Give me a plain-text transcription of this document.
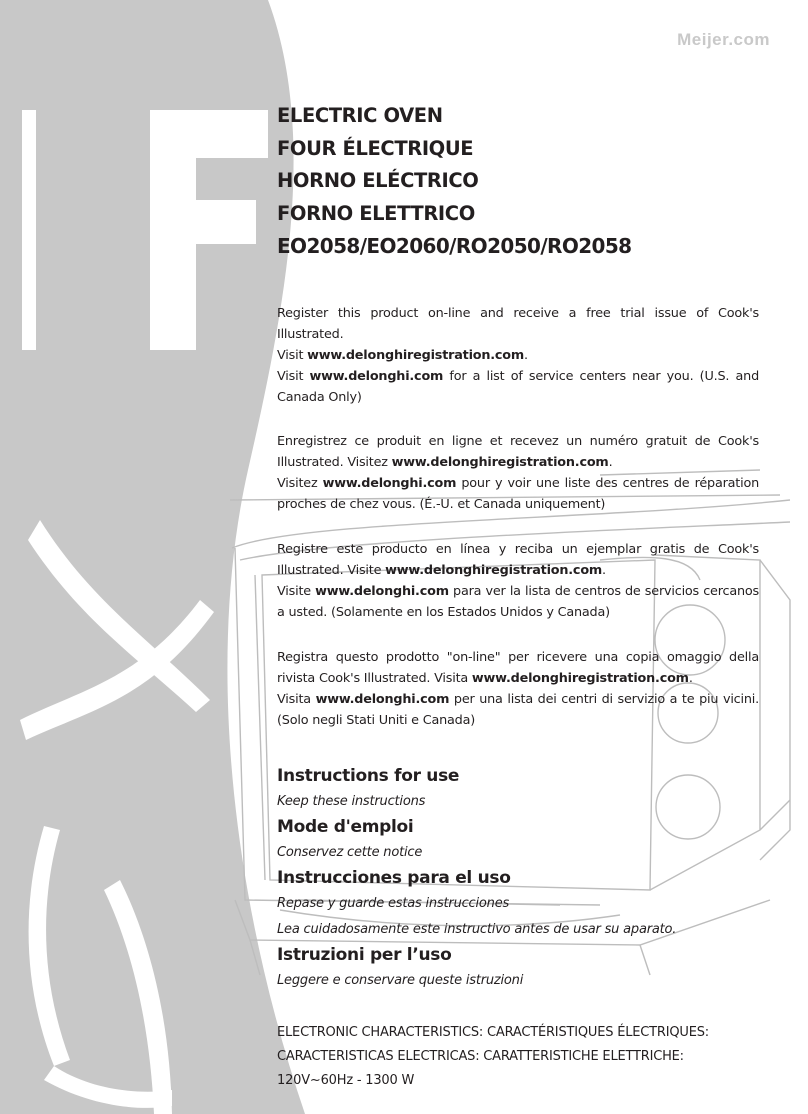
Meijer.com
ELECTRIC OVEN
FOUR ÉLECTRIQUE
HORNO ELÉCTRICO
FORNO ELETTRICO
EO2058/EO2060/RO2050/RO2058

Register this product on-line and receive a free trial issue of Cook's Illustrated.

Visit www.delonghiregistration.com.

Visit www.delonghi.com for a list of service centers near you. (U.S. and Canada Only)

Enregistrez ce produit en ligne et recevez un numéro gratuit de Cook's Illustrated. Visitez www.delonghiregistration.com.

Visitez www.delonghi.com pour y voir une liste des centres de réparation proches de chez vous. (É.-U. et Canada uniquement)

Registre este producto en línea y reciba un ejemplar gratis de Cook's Illustrated. Visite www.delonghiregistration.com.

Visite www.delonghi.com para ver la lista de centros de servicios cercanos a usted. (Solamente en los Estados Unidos y Canada)

Registra questo prodotto "on-line" per ricevere una copia omaggio della rivista Cook's Illustrated. Visita www.delonghiregistration.com.

Visita www.delonghi.com per una lista dei centri di servizio a te piu vicini. (Solo negli Stati Uniti e Canada)

Instructions for use
Keep these instructions
Mode d'emploi
Conservez cette notice
Instrucciones para el uso
Repase y guarde estas instrucciones
Lea cuidadosamente este instructivo antes de usar su aparato.
Istruzioni per l’uso
Leggere e conservare queste istruzioni

ELECTRONIC CHARACTERISTICS: CARACTÉRISTIQUES ÉLECTRIQUES:

CARACTERISTICAS ELECTRICAS: CARATTERISTICHE ELETTRICHE:

120V~60Hz - 1300 W
